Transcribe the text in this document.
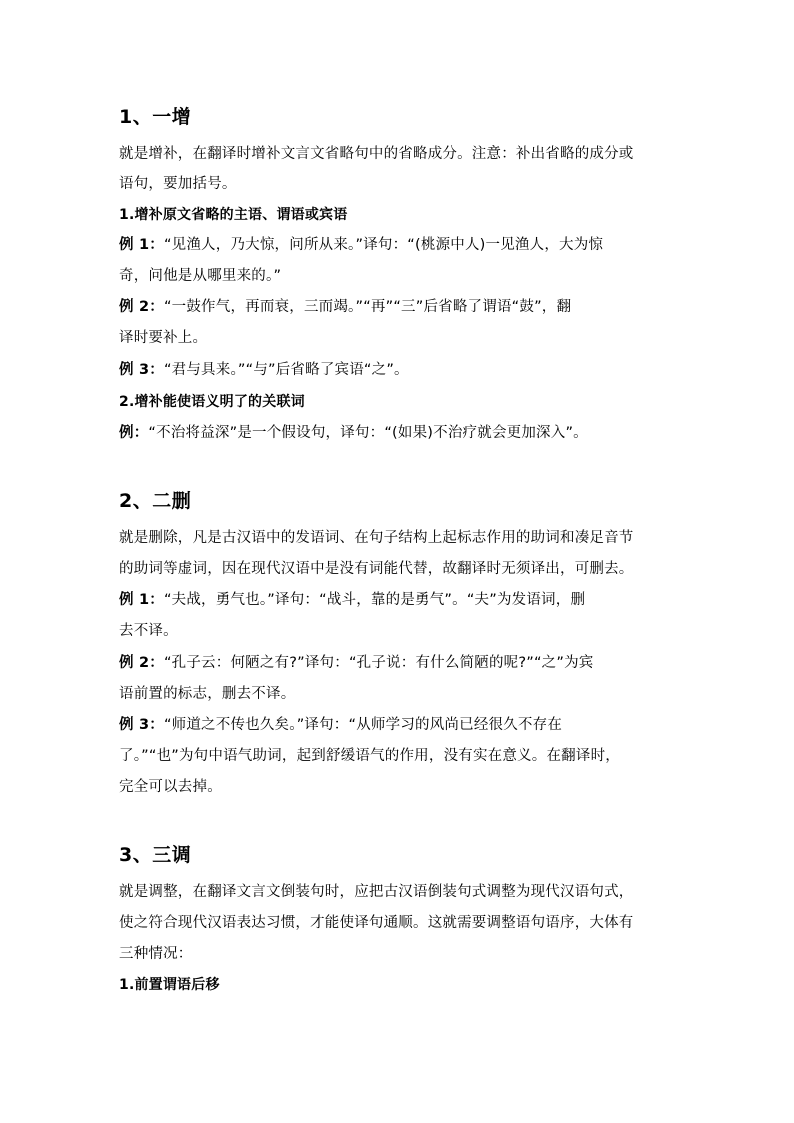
1、一增
就是增补，在翻译时增补文言文省略句中的省略成分。注意：补出省略的成分或
语句，要加括号。
1.增补原文省略的主语、谓语或宾语
例 1：“见渔人，乃大惊，问所从来。”译句：“(桃源中人)一见渔人，大为惊
奇，问他是从哪里来的。”
例 2：“一鼓作气，再而衰，三而竭。”“再”“三”后省略了谓语“鼓”，翻
译时要补上。
例 3：“君与具来。”“与”后省略了宾语“之”。
2.增补能使语义明了的关联词
例：“不治将益深”是一个假设句，译句：“(如果)不治疗就会更加深入”。
2、二删
就是删除，凡是古汉语中的发语词、在句子结构上起标志作用的助词和凑足音节
的助词等虚词，因在现代汉语中是没有词能代替，故翻译时无须译出，可删去。
例 1：“夫战，勇气也。”译句：“战斗，靠的是勇气”。“夫”为发语词，删
去不译。
例 2：“孔子云：何陋之有?”译句：“孔子说：有什么简陋的呢?”“之”为宾
语前置的标志，删去不译。
例 3：“师道之不传也久矣。”译句：“从师学习的风尚已经很久不存在
了。”“也”为句中语气助词，起到舒缓语气的作用，没有实在意义。在翻译时，
完全可以去掉。
3、三调
就是调整，在翻译文言文倒装句时，应把古汉语倒装句式调整为现代汉语句式，
使之符合现代汉语表达习惯，才能使译句通顺。这就需要调整语句语序，大体有
三种情况：
1.前置谓语后移
